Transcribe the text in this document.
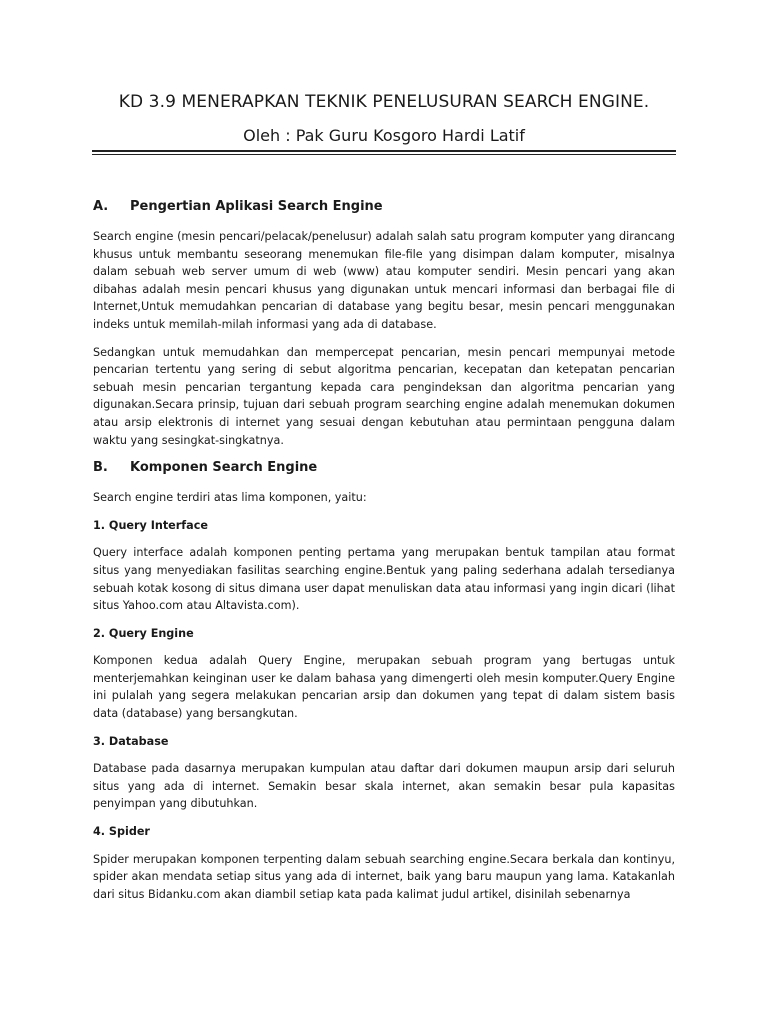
KD 3.9 MENERAPKAN TEKNIK PENELUSURAN SEARCH ENGINE.

Oleh : Pak Guru Kosgoro Hardi Latif

A.	Pengertian Aplikasi Search Engine

Search engine (mesin pencari/pelacak/penelusur) adalah salah satu program komputer yang dirancang khusus untuk membantu seseorang menemukan file-file yang disimpan dalam komputer, misalnya dalam sebuah web server umum di web (www) atau komputer sendiri. Mesin pencari yang akan dibahas adalah mesin pencari khusus yang digunakan untuk mencari informasi dan berbagai file di Internet,Untuk memudahkan pencarian di database yang begitu besar, mesin pencari menggunakan indeks untuk memilah-milah informasi yang ada di database.

Sedangkan untuk memudahkan dan mempercepat pencarian, mesin pencari mempunyai metode pencarian tertentu yang sering di sebut algoritma pencarian, kecepatan dan ketepatan pencarian sebuah mesin pencarian tergantung kepada cara pengindeksan dan algoritma pencarian yang digunakan.Secara prinsip, tujuan dari sebuah program searching engine adalah menemukan dokumen atau arsip elektronis di internet yang sesuai dengan kebutuhan atau permintaan pengguna dalam waktu yang sesingkat-singkatnya.

B.	Komponen Search Engine

Search engine terdiri atas lima komponen, yaitu:

1. Query Interface

Query interface adalah komponen penting pertama yang merupakan bentuk tampilan atau format situs yang menyediakan fasilitas searching engine.Bentuk yang paling sederhana adalah tersedianya sebuah kotak kosong di situs dimana user dapat menuliskan data atau informasi yang ingin dicari (lihat situs Yahoo.com atau Altavista.com).

2. Query Engine

Komponen kedua adalah Query Engine, merupakan sebuah program yang bertugas untuk menterjemahkan keinginan user ke dalam bahasa yang dimengerti oleh mesin komputer.Query Engine ini pulalah yang segera melakukan pencarian arsip dan dokumen yang tepat di dalam sistem basis data (database) yang bersangkutan.

3. Database

Database pada dasarnya merupakan kumpulan atau daftar dari dokumen maupun arsip dari seluruh situs yang ada di internet. Semakin besar skala internet, akan semakin besar pula kapasitas penyimpan yang dibutuhkan.

4. Spider

Spider merupakan komponen terpenting dalam sebuah searching engine.Secara berkala dan kontinyu, spider akan mendata setiap situs yang ada di internet, baik yang baru maupun yang lama. Katakanlah dari situs Bidanku.com akan diambil setiap kata pada kalimat judul artikel, disinilah sebenarnya
